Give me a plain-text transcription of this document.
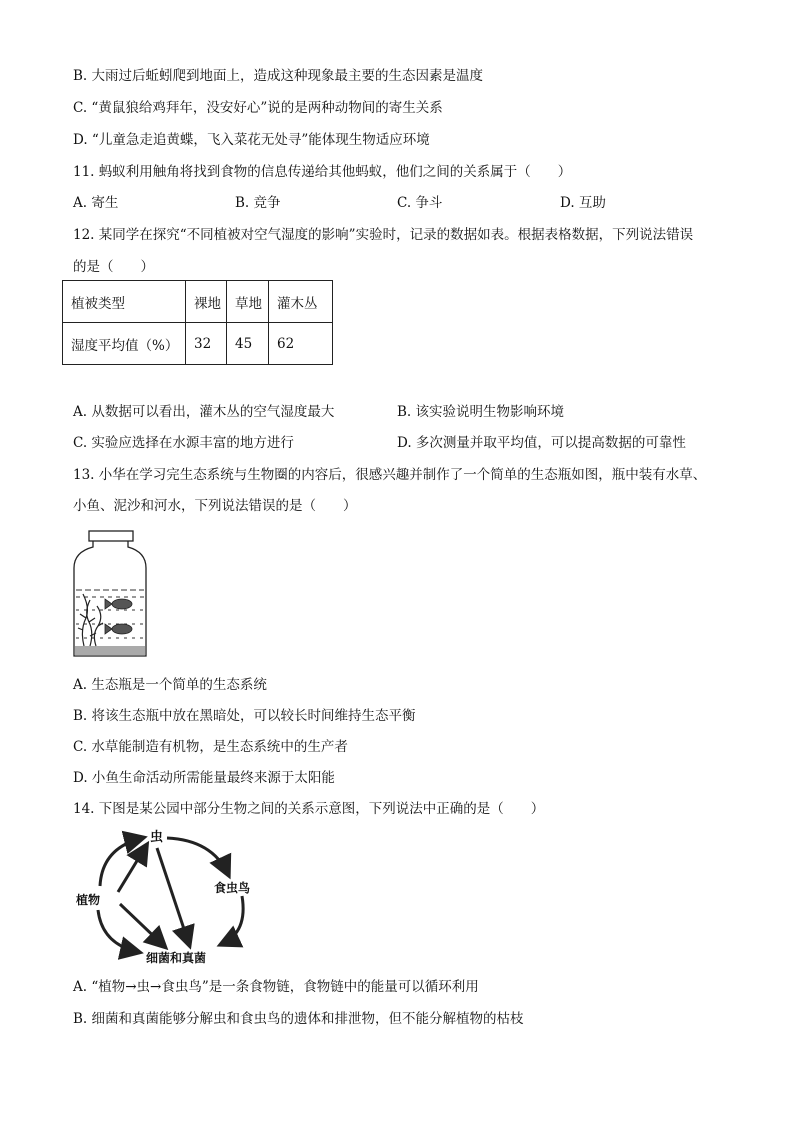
B. 大雨过后蚯蚓爬到地面上，造成这种现象最主要的生态因素是温度
C. “黄鼠狼给鸡拜年，没安好心”说的是两种动物间的寄生关系
D. “儿童急走追黄蝶，飞入菜花无处寻”能体现生物适应环境
11. 蚂蚁利用触角将找到食物的信息传递给其他蚂蚁，他们之间的关系属于（　　）
A. 寄生	B. 竞争	C. 争斗	D. 互助
12. 某同学在探究“不同植被对空气湿度的影响”实验时，记录的数据如表。根据表格数据，下列说法错误
的是（　　）
植被类型	裸地	草地	灌木丛
湿度平均值（%）	32	45	62
A. 从数据可以看出，灌木丛的空气湿度最大	B. 该实验说明生物影响环境
C. 实验应选择在水源丰富的地方进行	D. 多次测量并取平均值，可以提高数据的可靠性
13. 小华在学习完生态系统与生物圈的内容后，很感兴趣并制作了一个简单的生态瓶如图，瓶中装有水草、
小鱼、泥沙和河水，下列说法错误的是（　　）
A. 生态瓶是一个简单的生态系统
B. 将该生态瓶中放在黑暗处，可以较长时间维持生态平衡
C. 水草能制造有机物，是生态系统中的生产者
D. 小鱼生命活动所需能量最终来源于太阳能
14. 下图是某公园中部分生物之间的关系示意图，下列说法中正确的是（　　）
虫
植物
食虫鸟
细菌和真菌
A. “植物→虫→食虫鸟”是一条食物链，食物链中的能量可以循环利用
B. 细菌和真菌能够分解虫和食虫鸟的遗体和排泄物，但不能分解植物的枯枝
